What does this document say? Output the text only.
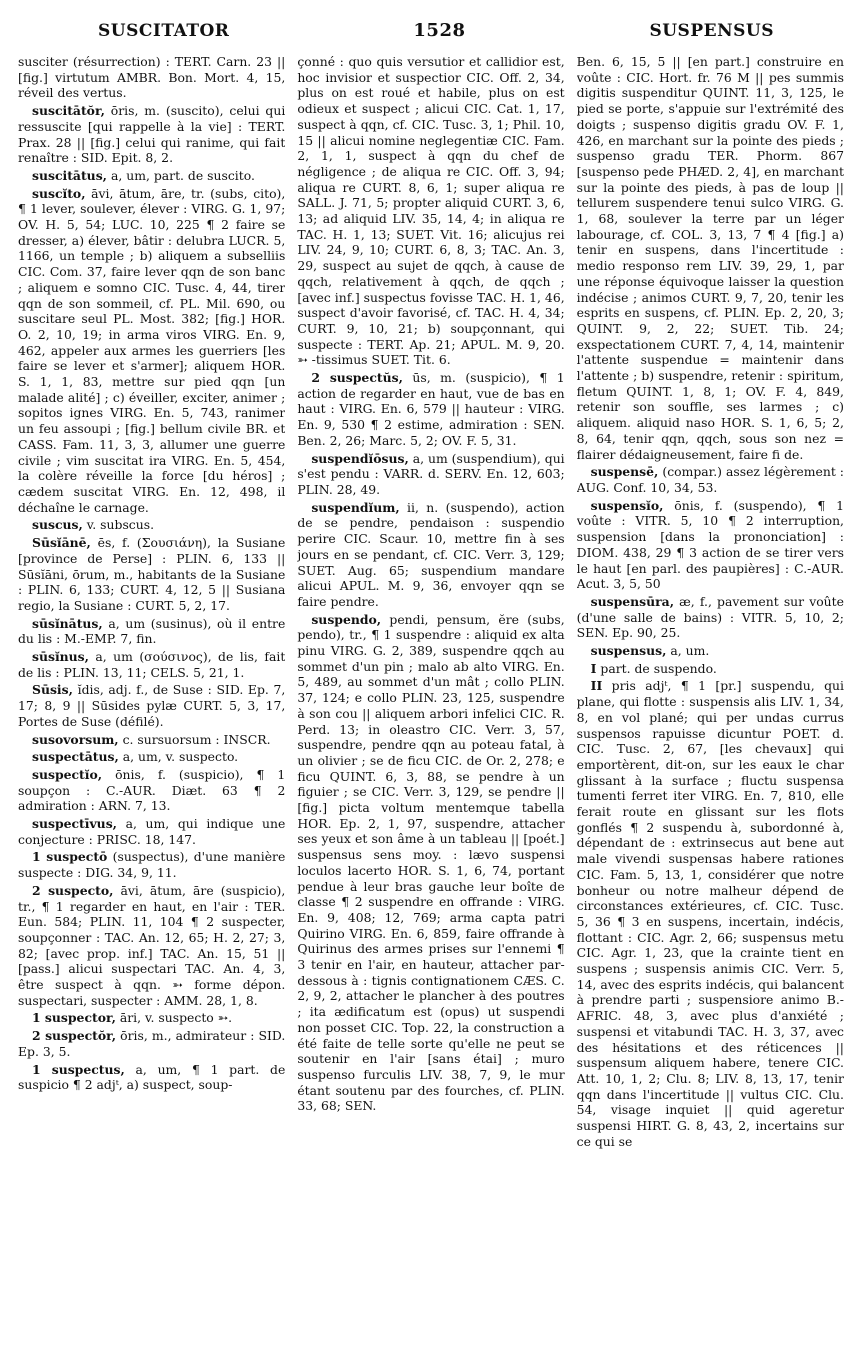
SUSCITATOR	1528	SUSPENSUS

susciter (résurrection) : TERT. Carn. 23 || [fig.] virtutum AMBR. Bon. Mort. 4, 15, réveil des vertus.

suscitātŏr, ōris, m. (suscito), celui qui ressuscite [qui rappelle à la vie] : TERT. Prax. 28 || [fig.] celui qui ranime, qui fait renaître : SID. Epit. 8, 2.

suscitātus, a, um, part. de suscito.

suscĭto, āvi, ātum, āre, tr. (subs, cito), ¶ 1 lever, soulever, élever : VIRG. G. 1, 97; OV. H. 5, 54; LUC. 10, 225 ¶ 2 faire se dresser, a) élever, bâtir : delubra LUCR. 5, 1166, un temple ; b) aliquem a subselliis CIC. Com. 37, faire lever qqn de son banc ; aliquem e somno CIC. Tusc. 4, 44, tirer qqn de son sommeil, cf. PL. Mil. 690, ou suscitare seul PL. Most. 382; [fig.] HOR. O. 2, 10, 19; in arma viros VIRG. En. 9, 462, appeler aux armes les guerriers [les faire se lever et s'armer]; aliquem HOR. S. 1, 1, 83, mettre sur pied qqn [un malade alité] ; c) éveiller, exciter, animer ; sopitos ignes VIRG. En. 5, 743, ranimer un feu assoupi ; [fig.] bellum civile BR. et CASS. Fam. 11, 3, 3, allumer une guerre civile ; vim suscitat ira VIRG. En. 5, 454, la colère réveille la force [du héros] ; cædem suscitat VIRG. En. 12, 498, il déchaîne le carnage.

suscus, v. subscus.

Sūsĭānē, ēs, f. (Σουσιάνη), la Susiane [province de Perse] : PLIN. 6, 133 || Sūsĭāni, ōrum, m., habitants de la Susiane : PLIN. 6, 133; CURT. 4, 12, 5 || Susiana regio, la Susiane : CURT. 5, 2, 17.

sūsĭnātus, a, um (susinus), où il entre du lis : M.-EMP. 7, fin.

sūsĭnus, a, um (σούσινος), de lis, fait de lis : PLIN. 13, 11; CELS. 5, 21, 1.

Sūsis, ĭdis, adj. f., de Suse : SID. Ep. 7, 17; 8, 9 || Sūsides pylæ CURT. 5, 3, 17, Portes de Suse (défilé).

susovorsum, c. sursuorsum : INSCR.

suspectātus, a, um, v. suspecto.

suspectĭo, ōnis, f. (suspicio), ¶ 1 soupçon : C.-AUR. Diæt. 63 ¶ 2 admiration : ARN. 7, 13.

suspectīvus, a, um, qui indique une conjecture : PRISC. 18, 147.

1 suspectō (suspectus), d'une manière suspecte : DIG. 34, 9, 11.

2 suspecto, āvi, ātum, āre (suspicio), tr., ¶ 1 regarder en haut, en l'air : TER. Eun. 584; PLIN. 11, 104 ¶ 2 suspecter, soupçonner : TAC. An. 12, 65; H. 2, 27; 3, 82; [avec prop. inf.] TAC. An. 15, 51 || [pass.] alicui suspectari TAC. An. 4, 3, être suspect à qqn. ➳ forme dépon. suspectari, suspecter : AMM. 28, 1, 8.

1 suspector, āri, v. suspecto ➳.

2 suspectŏr, ōris, m., admirateur : SID. Ep. 3, 5.

1 suspectus, a, um, ¶ 1 part. de suspicio ¶ 2 adjᵗ, a) suspect, soup-

çonné : quo quis versutior et callidior est, hoc invisior et suspectior CIC. Off. 2, 34, plus on est roué et habile, plus on est odieux et suspect ; alicui CIC. Cat. 1, 17, suspect à qqn, cf. CIC. Tusc. 3, 1; Phil. 10, 15 || alicui nomine neglegentiæ CIC. Fam. 2, 1, 1, suspect à qqn du chef de négligence ; de aliqua re CIC. Off. 3, 94; aliqua re CURT. 8, 6, 1; super aliqua re SALL. J. 71, 5; propter aliquid CURT. 3, 6, 13; ad aliquid LIV. 35, 14, 4; in aliqua re TAC. H. 1, 13; SUET. Vit. 16; alicujus rei LIV. 24, 9, 10; CURT. 6, 8, 3; TAC. An. 3, 29, suspect au sujet de qqch, à cause de qqch, relativement à qqch, de qqch ; [avec inf.] suspectus fovisse TAC. H. 1, 46, suspect d'avoir favorisé, cf. TAC. H. 4, 34; CURT. 9, 10, 21; b) soupçonnant, qui suspecte : TERT. Ap. 21; APUL. M. 9, 20. ➳ -tissimus SUET. Tit. 6.

2 suspectŭs, ūs, m. (suspicio), ¶ 1 action de regarder en haut, vue de bas en haut : VIRG. En. 6, 579 || hauteur : VIRG. En. 9, 530 ¶ 2 estime, admiration : SEN. Ben. 2, 26; Marc. 5, 2; OV. F. 5, 31.

suspendĭōsus, a, um (suspendium), qui s'est pendu : VARR. d. SERV. En. 12, 603; PLIN. 28, 49.

suspendĭum, ii, n. (suspendo), action de se pendre, pendaison : suspendio perire CIC. Scaur. 10, mettre fin à ses jours en se pendant, cf. CIC. Verr. 3, 129; SUET. Aug. 65; suspendium mandare alicui APUL. M. 9, 36, envoyer qqn se faire pendre.

suspendo, pendi, pensum, ĕre (subs, pendo), tr., ¶ 1 suspendre : aliquid ex alta pinu VIRG. G. 2, 389, suspendre qqch au sommet d'un pin ; malo ab alto VIRG. En. 5, 489, au sommet d'un mât ; collo PLIN. 37, 124; e collo PLIN. 23, 125, suspendre à son cou || aliquem arbori infelici CIC. R. Perd. 13; in oleastro CIC. Verr. 3, 57, suspendre, pendre qqn au poteau fatal, à un olivier ; se de ficu CIC. de Or. 2, 278; e ficu QUINT. 6, 3, 88, se pendre à un figuier ; se CIC. Verr. 3, 129, se pendre || [fig.] picta voltum mentemque tabella HOR. Ep. 2, 1, 97, suspendre, attacher ses yeux et son âme à un tableau || [poét.] suspensus sens moy. : lævo suspensi loculos lacerto HOR. S. 1, 6, 74, portant pendue à leur bras gauche leur boîte de classe ¶ 2 suspendre en offrande : VIRG. En. 9, 408; 12, 769; arma capta patri Quirino VIRG. En. 6, 859, faire offrande à Quirinus des armes prises sur l'ennemi ¶ 3 tenir en l'air, en hauteur, attacher par-dessous à : tignis contignationem CÆS. C. 2, 9, 2, attacher le plancher à des poutres ; ita ædificatum est (opus) ut suspendi non posset CIC. Top. 22, la construction a été faite de telle sorte qu'elle ne peut se soutenir en l'air [sans étai] ; muro suspenso furculis LIV. 38, 7, 9, le mur étant soutenu par des fourches, cf. PLIN. 33, 68; SEN.

Ben. 6, 15, 5 || [en part.] construire en voûte : CIC. Hort. fr. 76 M || pes summis digitis suspenditur QUINT. 11, 3, 125, le pied se porte, s'appuie sur l'extrémité des doigts ; suspenso digitis gradu OV. F. 1, 426, en marchant sur la pointe des pieds ; suspenso gradu TER. Phorm. 867 [suspenso pede PHÆD. 2, 4], en marchant sur la pointe des pieds, à pas de loup || tellurem suspendere tenui sulco VIRG. G. 1, 68, soulever la terre par un léger labourage, cf. COL. 3, 13, 7 ¶ 4 [fig.] a) tenir en suspens, dans l'incertitude : medio responso rem LIV. 39, 29, 1, par une réponse équivoque laisser la question indécise ; animos CURT. 9, 7, 20, tenir les esprits en suspens, cf. PLIN. Ep. 2, 20, 3; QUINT. 9, 2, 22; SUET. Tib. 24; exspectationem CURT. 7, 4, 14, maintenir l'attente suspendue = maintenir dans l'attente ; b) suspendre, retenir : spiritum, fletum QUINT. 1, 8, 1; OV. F. 4, 849, retenir son souffle, ses larmes ; c) aliquem. aliquid naso HOR. S. 1, 6, 5; 2, 8, 64, tenir qqn, qqch, sous son nez = flairer dédaigneusement, faire fi de.

suspensē, (compar.) assez légèrement : AUG. Conf. 10, 34, 53.

suspensĭo, ōnis, f. (suspendo), ¶ 1 voûte : VITR. 5, 10 ¶ 2 interruption, suspension [dans la prononciation] : DIOM. 438, 29 ¶ 3 action de se tirer vers le haut [en parl. des paupières] : C.-AUR. Acut. 3, 5, 50

suspensūra, æ, f., pavement sur voûte (d'une salle de bains) : VITR. 5, 10, 2; SEN. Ep. 90, 25.

suspensus, a, um.

I part. de suspendo.

II pris adjᵗ, ¶ 1 [pr.] suspendu, qui plane, qui flotte : suspensis alis LIV. 1, 34, 8, en vol plané; qui per undas currus suspensos rapuisse dicuntur POET. d. CIC. Tusc. 2, 67, [les chevaux] qui emportèrent, dit-on, sur les eaux le char glissant à la surface ; fluctu suspensa tumenti ferret iter VIRG. En. 7, 810, elle ferait route en glissant sur les flots gonflés ¶ 2 suspendu à, subordonné à, dépendant de : extrinsecus aut bene aut male vivendi suspensas habere rationes CIC. Fam. 5, 13, 1, considérer que notre bonheur ou notre malheur dépend de circonstances extérieures, cf. CIC. Tusc. 5, 36 ¶ 3 en suspens, incertain, indécis, flottant : CIC. Agr. 2, 66; suspensus metu CIC. Agr. 1, 23, que la crainte tient en suspens ; suspensis animis CIC. Verr. 5, 14, avec des esprits indécis, qui balancent à prendre parti ; suspensiore animo B.-AFRIC. 48, 3, avec plus d'anxiété ; suspensi et vitabundi TAC. H. 3, 37, avec des hésitations et des réticences || suspensum aliquem habere, tenere CIC. Att. 10, 1, 2; Clu. 8; LIV. 8, 13, 17, tenir qqn dans l'incertitude || vultus CIC. Clu. 54, visage inquiet || quid ageretur suspensi HIRT. G. 8, 43, 2, incertains sur ce qui se
